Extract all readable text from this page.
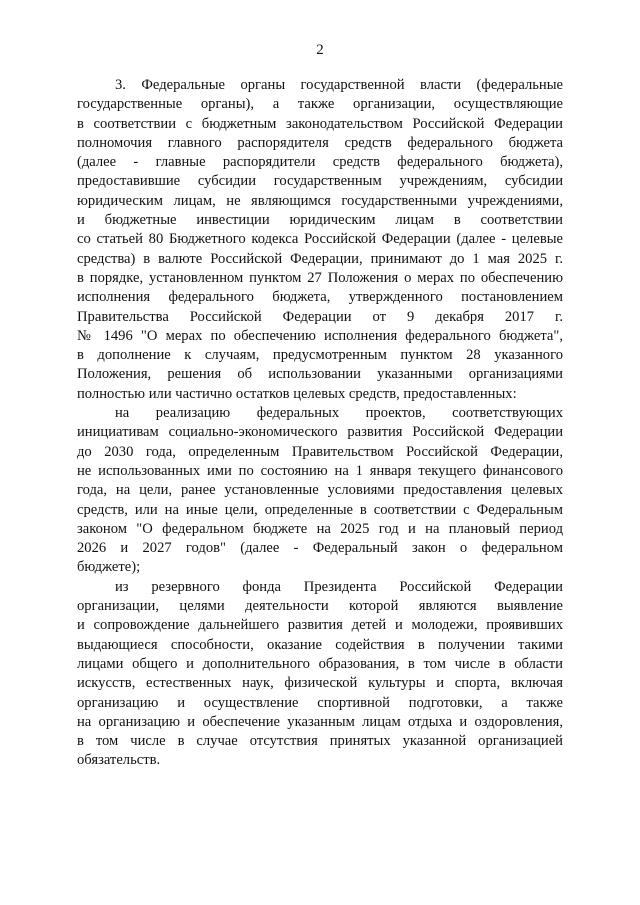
2
3. Федеральные органы государственной власти (федеральные
государственные органы), а также организации, осуществляющие
в соответствии с бюджетным законодательством Российской Федерации
полномочия главного распорядителя средств федерального бюджета
(далее - главные распорядители средств федерального бюджета),
предоставившие субсидии государственным учреждениям, субсидии
юридическим лицам, не являющимся государственными учреждениями,
и бюджетные инвестиции юридическим лицам в соответствии
со статьей 80 Бюджетного кодекса Российской Федерации (далее - целевые
средства) в валюте Российской Федерации, принимают до 1 мая 2025 г.
в порядке, установленном пунктом 27 Положения о мерах по обеспечению
исполнения федерального бюджета, утвержденного постановлением
Правительства Российской Федерации от 9 декабря 2017 г.
№ 1496 "О мерах по обеспечению исполнения федерального бюджета",
в дополнение к случаям, предусмотренным пунктом 28 указанного
Положения, решения об использовании указанными организациями
полностью или частично остатков целевых средств, предоставленных:
на реализацию федеральных проектов, соответствующих
инициативам социально-экономического развития Российской Федерации
до 2030 года, определенным Правительством Российской Федерации,
не использованных ими по состоянию на 1 января текущего финансового
года, на цели, ранее установленные условиями предоставления целевых
средств, или на иные цели, определенные в соответствии с Федеральным
законом "О федеральном бюджете на 2025 год и на плановый период
2026 и 2027 годов" (далее - Федеральный закон о федеральном
бюджете);
из резервного фонда Президента Российской Федерации
организации, целями деятельности которой являются выявление
и сопровождение дальнейшего развития детей и молодежи, проявивших
выдающиеся способности, оказание содействия в получении такими
лицами общего и дополнительного образования, в том числе в области
искусств, естественных наук, физической культуры и спорта, включая
организацию и осуществление спортивной подготовки, а также
на организацию и обеспечение указанным лицам отдыха и оздоровления,
в том числе в случае отсутствия принятых указанной организацией
обязательств.
